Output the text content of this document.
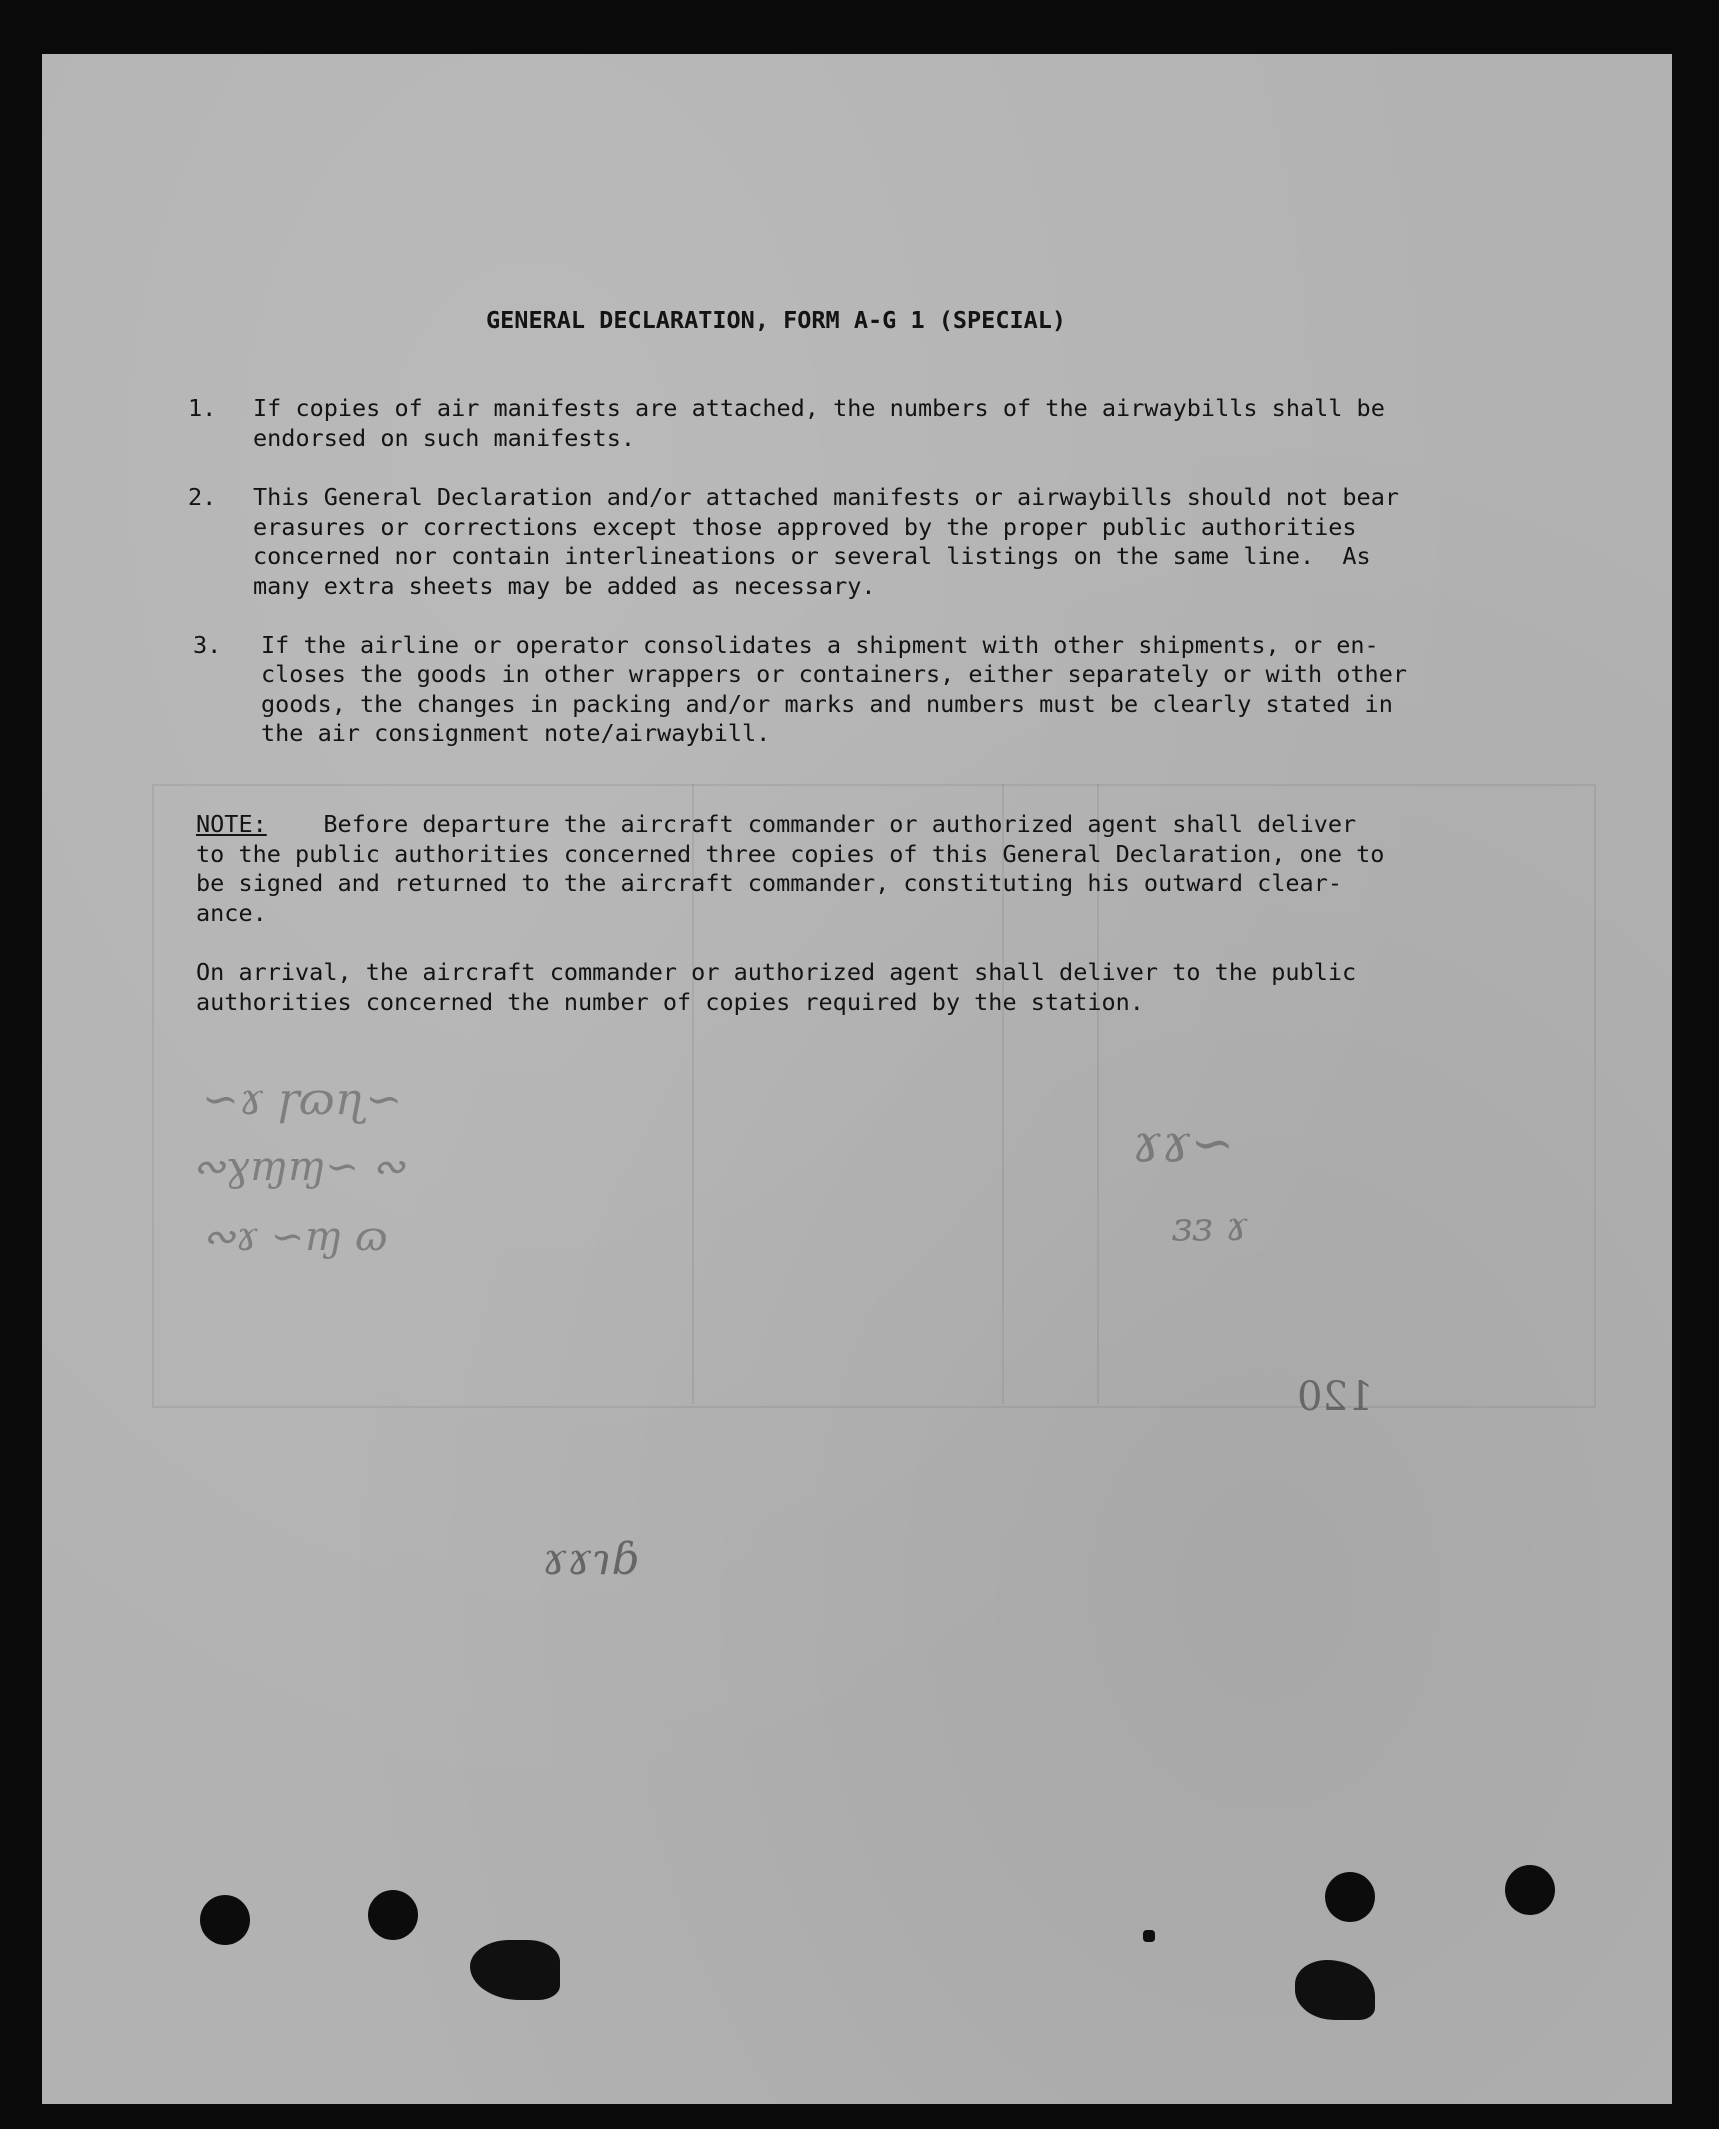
∽ɤ ɼɷɳ∽
∾ɣɱɱ∽ ∾
∾ɤ ∽ɱ ɷ
ɤɤ∽
ɜɜ ɤ
ɤɤɿɓ
120
GENERAL DECLARATION, FORM A-G 1 (SPECIAL)
1. If copies of air manifests are attached, the numbers of the airwaybills shall be
endorsed on such manifests.
2. This General Declaration and/or attached manifests or airwaybills should not bear
erasures or corrections except those approved by the proper public authorities
concerned nor contain interlineations or several listings on the same line.  As
many extra sheets may be added as necessary.
3. If the airline or operator consolidates a shipment with other shipments, or en-
closes the goods in other wrappers or containers, either separately or with other
goods, the changes in packing and/or marks and numbers must be clearly stated in
the air consignment note/airwaybill.
NOTE:    Before departure the aircraft commander or authorized agent shall deliver
to the public authorities concerned three copies of this General Declaration, one to
be signed and returned to the aircraft commander, constituting his outward clear-
ance.
On arrival, the aircraft commander or authorized agent shall deliver to the public
authorities concerned the number of copies required by the station.
